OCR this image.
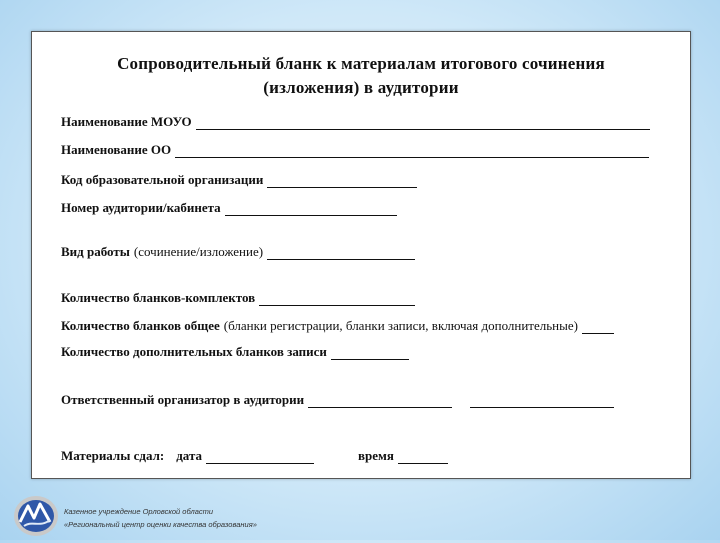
Сопроводительный бланк к материалам итогового сочинения
(изложения) в аудитории
Наименование МОУО
Наименование ОО
Код образовательной организации
Номер аудитории/кабинета
Вид работы (сочинение/изложение)
Количество бланков-комплектов
Количество бланков общее (бланки регистрации, бланки записи, включая дополнительные)
Количество дополнительных бланков записи
Ответственный организатор в аудитории
Материалы сдал: дата	время
Казенное учреждение Орловской области
«Региональный центр оценки качества образования»
